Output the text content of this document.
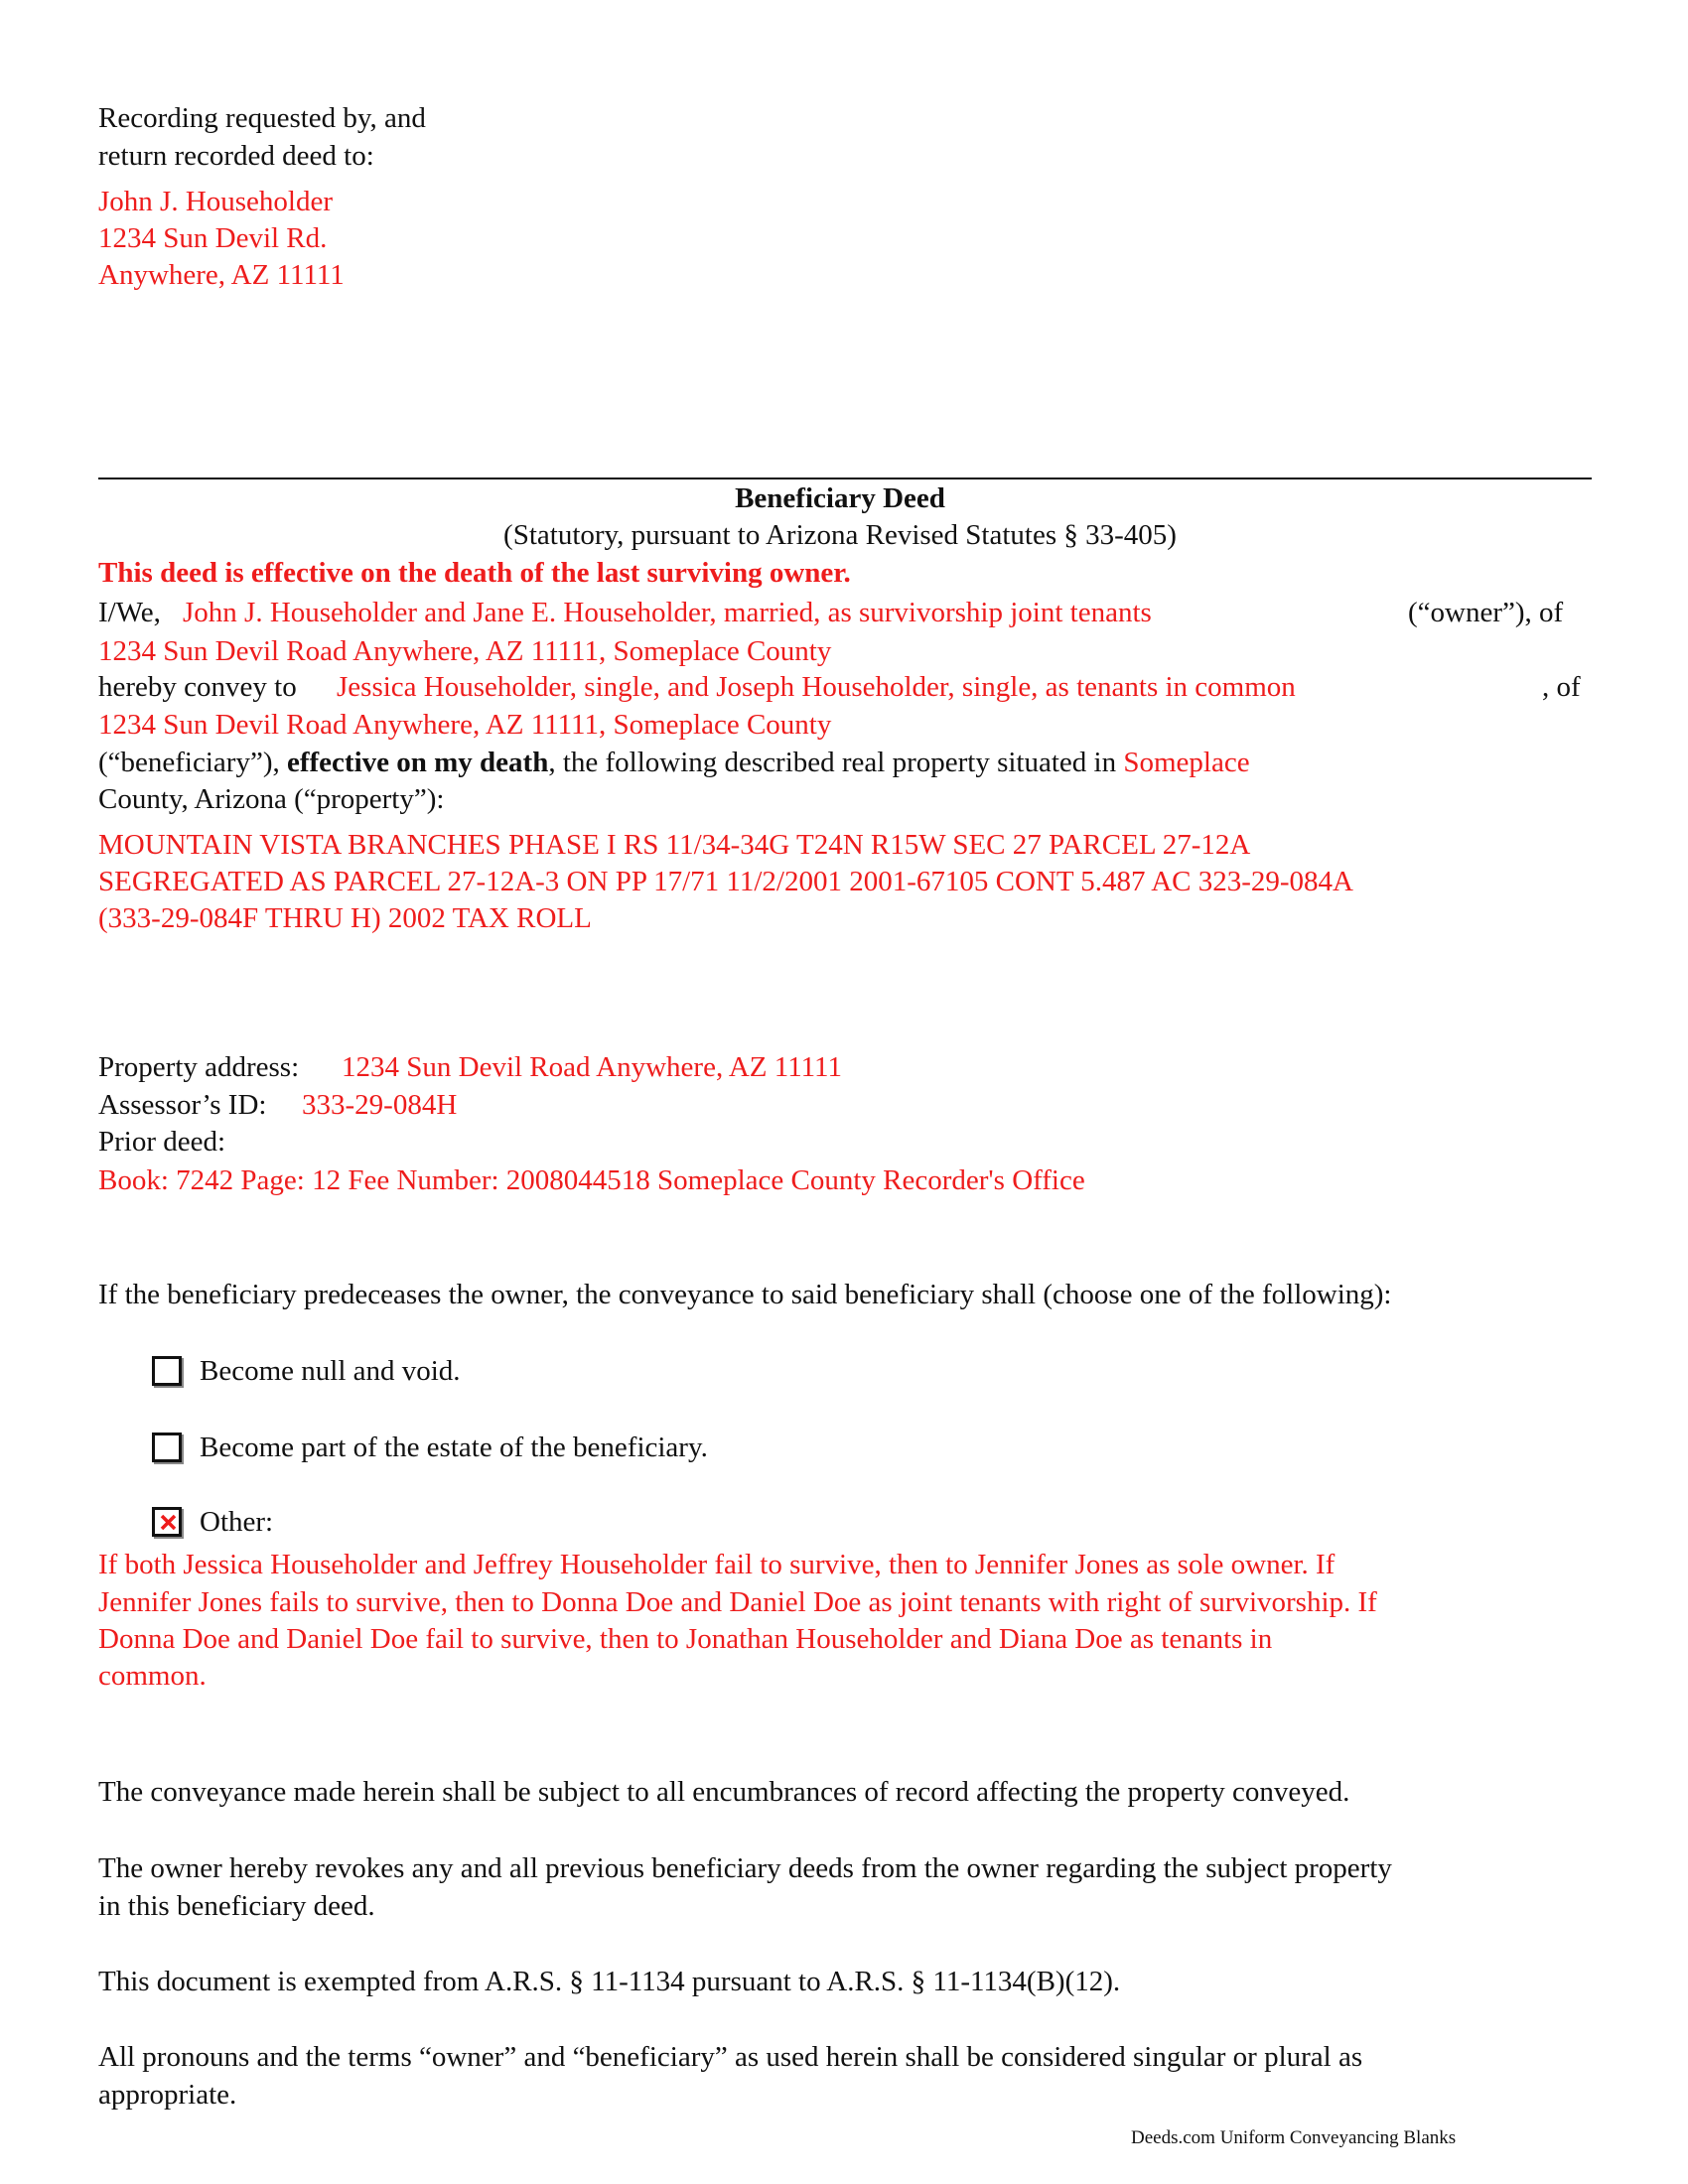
Recording requested by, and
return recorded deed to:
John J. Householder
1234 Sun Devil Rd.
Anywhere, AZ 11111
Beneficiary Deed
(Statutory, pursuant to Arizona Revised Statutes § 33-405)
This deed is effective on the death of the last surviving owner.
I/We, John J. Householder and Jane E. Householder, married, as survivorship joint tenants	(“owner”), of
1234 Sun Devil Road Anywhere, AZ 11111, Someplace County
hereby convey to Jessica Householder, single, and Joseph Householder, single, as tenants in common	, of
1234 Sun Devil Road Anywhere, AZ 11111, Someplace County
(“beneficiary”), effective on my death, the following described real property situated in Someplace
County, Arizona (“property”):
MOUNTAIN VISTA BRANCHES PHASE I RS 11/34-34G T24N R15W SEC 27 PARCEL 27-12A
SEGREGATED AS PARCEL 27-12A-3 ON PP 17/71 11/2/2001 2001-67105 CONT 5.487 AC 323-29-084A
(333-29-084F THRU H) 2002 TAX ROLL
Property address: 1234 Sun Devil Road Anywhere, AZ 11111
Assessor’s ID: 333-29-084H
Prior deed:
Book: 7242 Page: 12 Fee Number: 2008044518 Someplace County Recorder's Office
If the beneficiary predeceases the owner, the conveyance to said beneficiary shall (choose one of the following):
Become null and void.
Become part of the estate of the beneficiary.
Other:
If both Jessica Householder and Jeffrey Householder fail to survive, then to Jennifer Jones as sole owner. If
Jennifer Jones fails to survive, then to Donna Doe and Daniel Doe as joint tenants with right of survivorship. If
Donna Doe and Daniel Doe fail to survive, then to Jonathan Householder and Diana Doe as tenants in
common.
The conveyance made herein shall be subject to all encumbrances of record affecting the property conveyed.
The owner hereby revokes any and all previous beneficiary deeds from the owner regarding the subject property
in this beneficiary deed.
This document is exempted from A.R.S. § 11-1134 pursuant to A.R.S. § 11-1134(B)(12).
All pronouns and the terms “owner” and “beneficiary” as used herein shall be considered singular or plural as
appropriate.
Deeds.com Uniform Conveyancing Blanks
